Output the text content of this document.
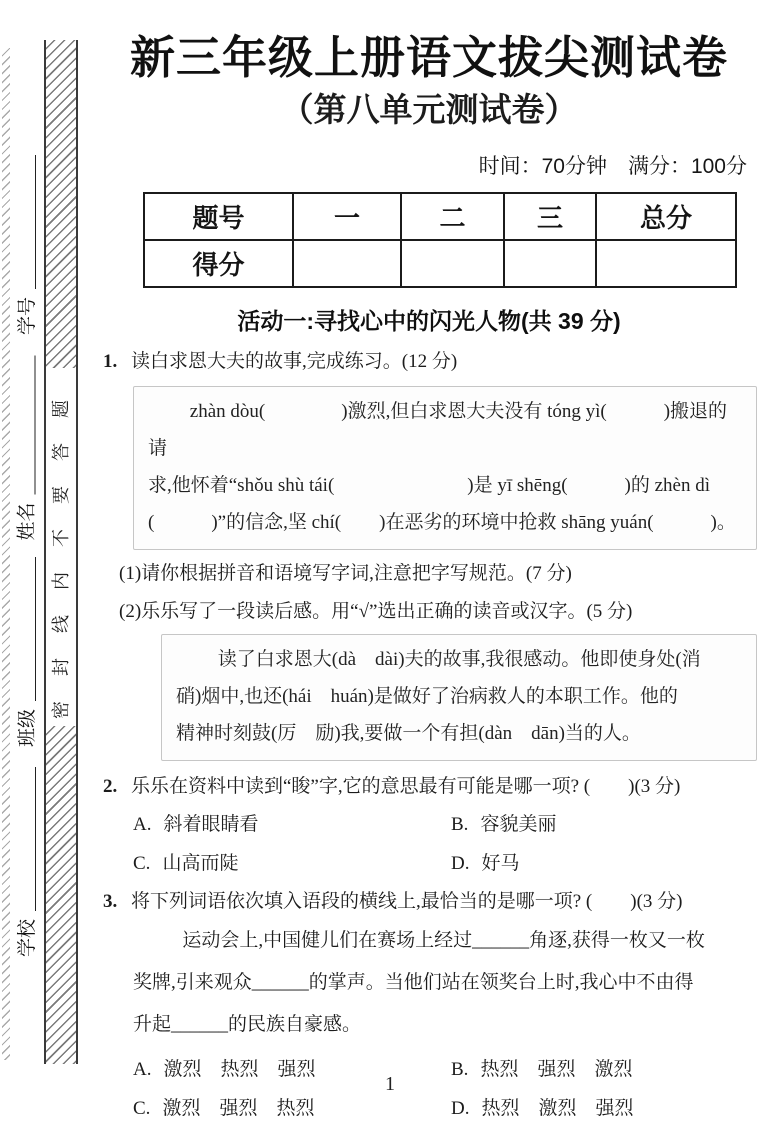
密封线内不要答题
学号
姓名
班级
学校
新三年级上册语文拔尖测试卷
（第八单元测试卷）
时间：70分钟　满分：100分
题号	一	二	三	总分
得分				
活动一:寻找心中的闪光人物(共 39 分)
1. 读白求恩大夫的故事,完成练习。(12 分)
zhàn dòu(　　　　)激烈,但白求恩大夫没有 tóng yì(　　　)搬退的请
求,他怀着“shǒu shù tái(　　　　　　　)是 yī shēng(　　　)的 zhèn dì
(　　　)”的信念,坚 chí(　　)在恶劣的环境中抢救 shāng yuán(　　　)。
(1)请你根据拼音和语境写字词,注意把字写规范。(7 分)
(2)乐乐写了一段读后感。用“√”选出正确的读音或汉字。(5 分)
读了白求恩大(dà　dài)夫的故事,我很感动。他即使身处(消
硝)烟中,也还(hái　huán)是做好了治病救人的本职工作。他的
精神时刻鼓(厉　励)我,要做一个有担(dàn　dān)当的人。
2. 乐乐在资料中读到“睃”字,它的意思最有可能是哪一项? (　　)(3 分)
A. 斜着眼睛看	B. 容貌美丽
C. 山高而陡	D. 好马
3. 将下列词语依次填入语段的横线上,最恰当的是哪一项? (　　)(3 分)
运动会上,中国健儿们在赛场上经过______角逐,获得一枚又一枚
奖牌,引来观众______的掌声。当他们站在领奖台上时,我心中不由得
升起______的民族自豪感。
A. 激烈　热烈　强烈	B. 热烈　强烈　激烈
C. 激烈　强烈　热烈	D. 热烈　激烈　强烈
1
